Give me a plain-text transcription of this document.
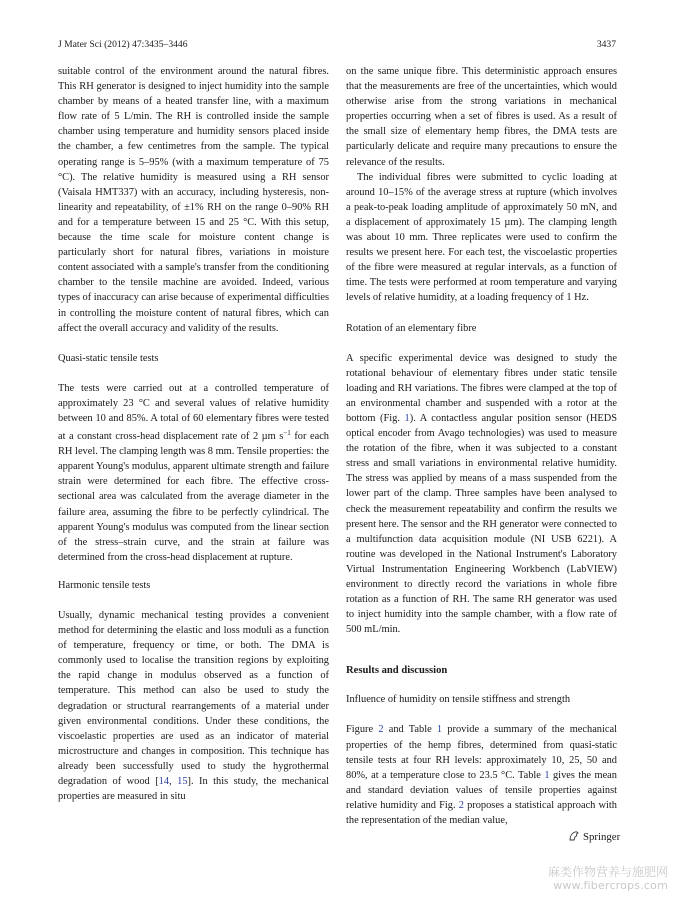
J Mater Sci (2012) 47:3435–3446	3437

suitable control of the environment around the natural fibres. This RH generator is designed to inject humidity into the sample chamber by means of a heated transfer line, with a maximum flow rate of 5 L/min. The RH is controlled inside the sample chamber using temperature and humidity sensors placed inside the chamber, a few centimetres from the sample. The typical operating range is 5–95% (with a maximum temperature of 75 °C). The relative humidity is measured using a RH sensor (Vaisala HMT337) with an accuracy, including hysteresis, non-linearity and repeatability, of ±1% RH on the range 0–90% RH and for a temperature between 15 and 25 °C. With this setup, because the time scale for moisture content change is particularly short for natural fibres, variations in moisture content associated with a sample's transfer from the conditioning chamber to the tensile machine are avoided. Indeed, various types of inaccuracy can arise because of experimental difficulties in controlling the moisture content of natural fibres, which can affect the overall accuracy and validity of the results.

Quasi-static tensile tests

The tests were carried out at a controlled temperature of approximately 23 °C and several values of relative humidity between 10 and 85%. A total of 60 elementary fibres were tested at a constant cross-head displacement rate of 2 µm $s^{-1}$ for each RH level. The clamping length was 8 mm. Tensile properties: the apparent Young's modulus, apparent ultimate strength and failure strain were determined for each fibre. The effective cross-sectional area was calculated from the average diameter in the failure area, assuming the fibre to be perfectly cylindrical. The apparent Young's modulus was computed from the linear section of the stress–strain curve, and the strain at failure was determined from the cross-head displacement at rupture.

Harmonic tensile tests

Usually, dynamic mechanical testing provides a convenient method for determining the elastic and loss moduli as a function of temperature, frequency or time, or both. The DMA is commonly used to localise the transition regions by exploiting the rapid change in modulus observed as a function of temperature. This method can also be used to study the degradation or structural rearrangements of a material under given environmental conditions. Under these conditions, the viscoelastic properties are used as an indicator of material microstructure and changes in composition. This technique has already been successfully used to study the hygrothermal degradation of wood [14, 15]. In this study, the mechanical properties are measured in situ

on the same unique fibre. This deterministic approach ensures that the measurements are free of the uncertainties, which would otherwise arise from the strong variations in mechanical properties occurring when a set of fibres is used. As a result of the small size of elementary hemp fibres, the DMA tests are particularly delicate and require many precautions to ensure the relevance of the results.

The individual fibres were submitted to cyclic loading at around 10–15% of the average stress at rupture (which involves a peak-to-peak loading amplitude of approximately 50 mN, and a displacement of approximately 15 µm). The clamping length was about 10 mm. Three replicates were used to confirm the results we present here. For each test, the viscoelastic properties of the fibre were measured at regular intervals, as a function of time. The tests were performed at room temperature and varying levels of relative humidity, at a loading frequency of 1 Hz.

Rotation of an elementary fibre

A specific experimental device was designed to study the rotational behaviour of elementary fibres under static tensile loading and RH variations. The fibres were clamped at the top of an environmental chamber and suspended with a rotor at the bottom (Fig. 1). A contactless angular position sensor (HEDS optical encoder from Avago technologies) was used to measure the rotation of the fibre, when it was subjected to a constant stress and small variations in environmental relative humidity. The stress was applied by means of a mass suspended from the lower part of the clamp. Three samples have been analysed to check the measurement repeatability and confirm the results we present here. The sensor and the RH generator were connected to a multifunction data acquisition module (NI USB 6221). A routine was developed in the National Instrument's Laboratory Virtual Instrumentation Engineering Workbench (LabVIEW) environment to directly record the variations in whole fibre rotation as a function of RH. The same RH generator was used to inject humidity into the sample chamber, with a flow rate of 500 mL/min.

Results and discussion
Influence of humidity on tensile stiffness and strength

Figure 2 and Table 1 provide a summary of the mechanical properties of the hemp fibres, determined from quasi-static tensile tests at four RH levels: approximately 10, 25, 50 and 80%, at a temperature close to 23.5 °C. Table 1 gives the mean and standard deviation values of tensile properties against relative humidity and Fig. 2 proposes a statistical approach with the representation of the median value,

Springer
麻类作物营养与施肥网
www.fibercrops.com
